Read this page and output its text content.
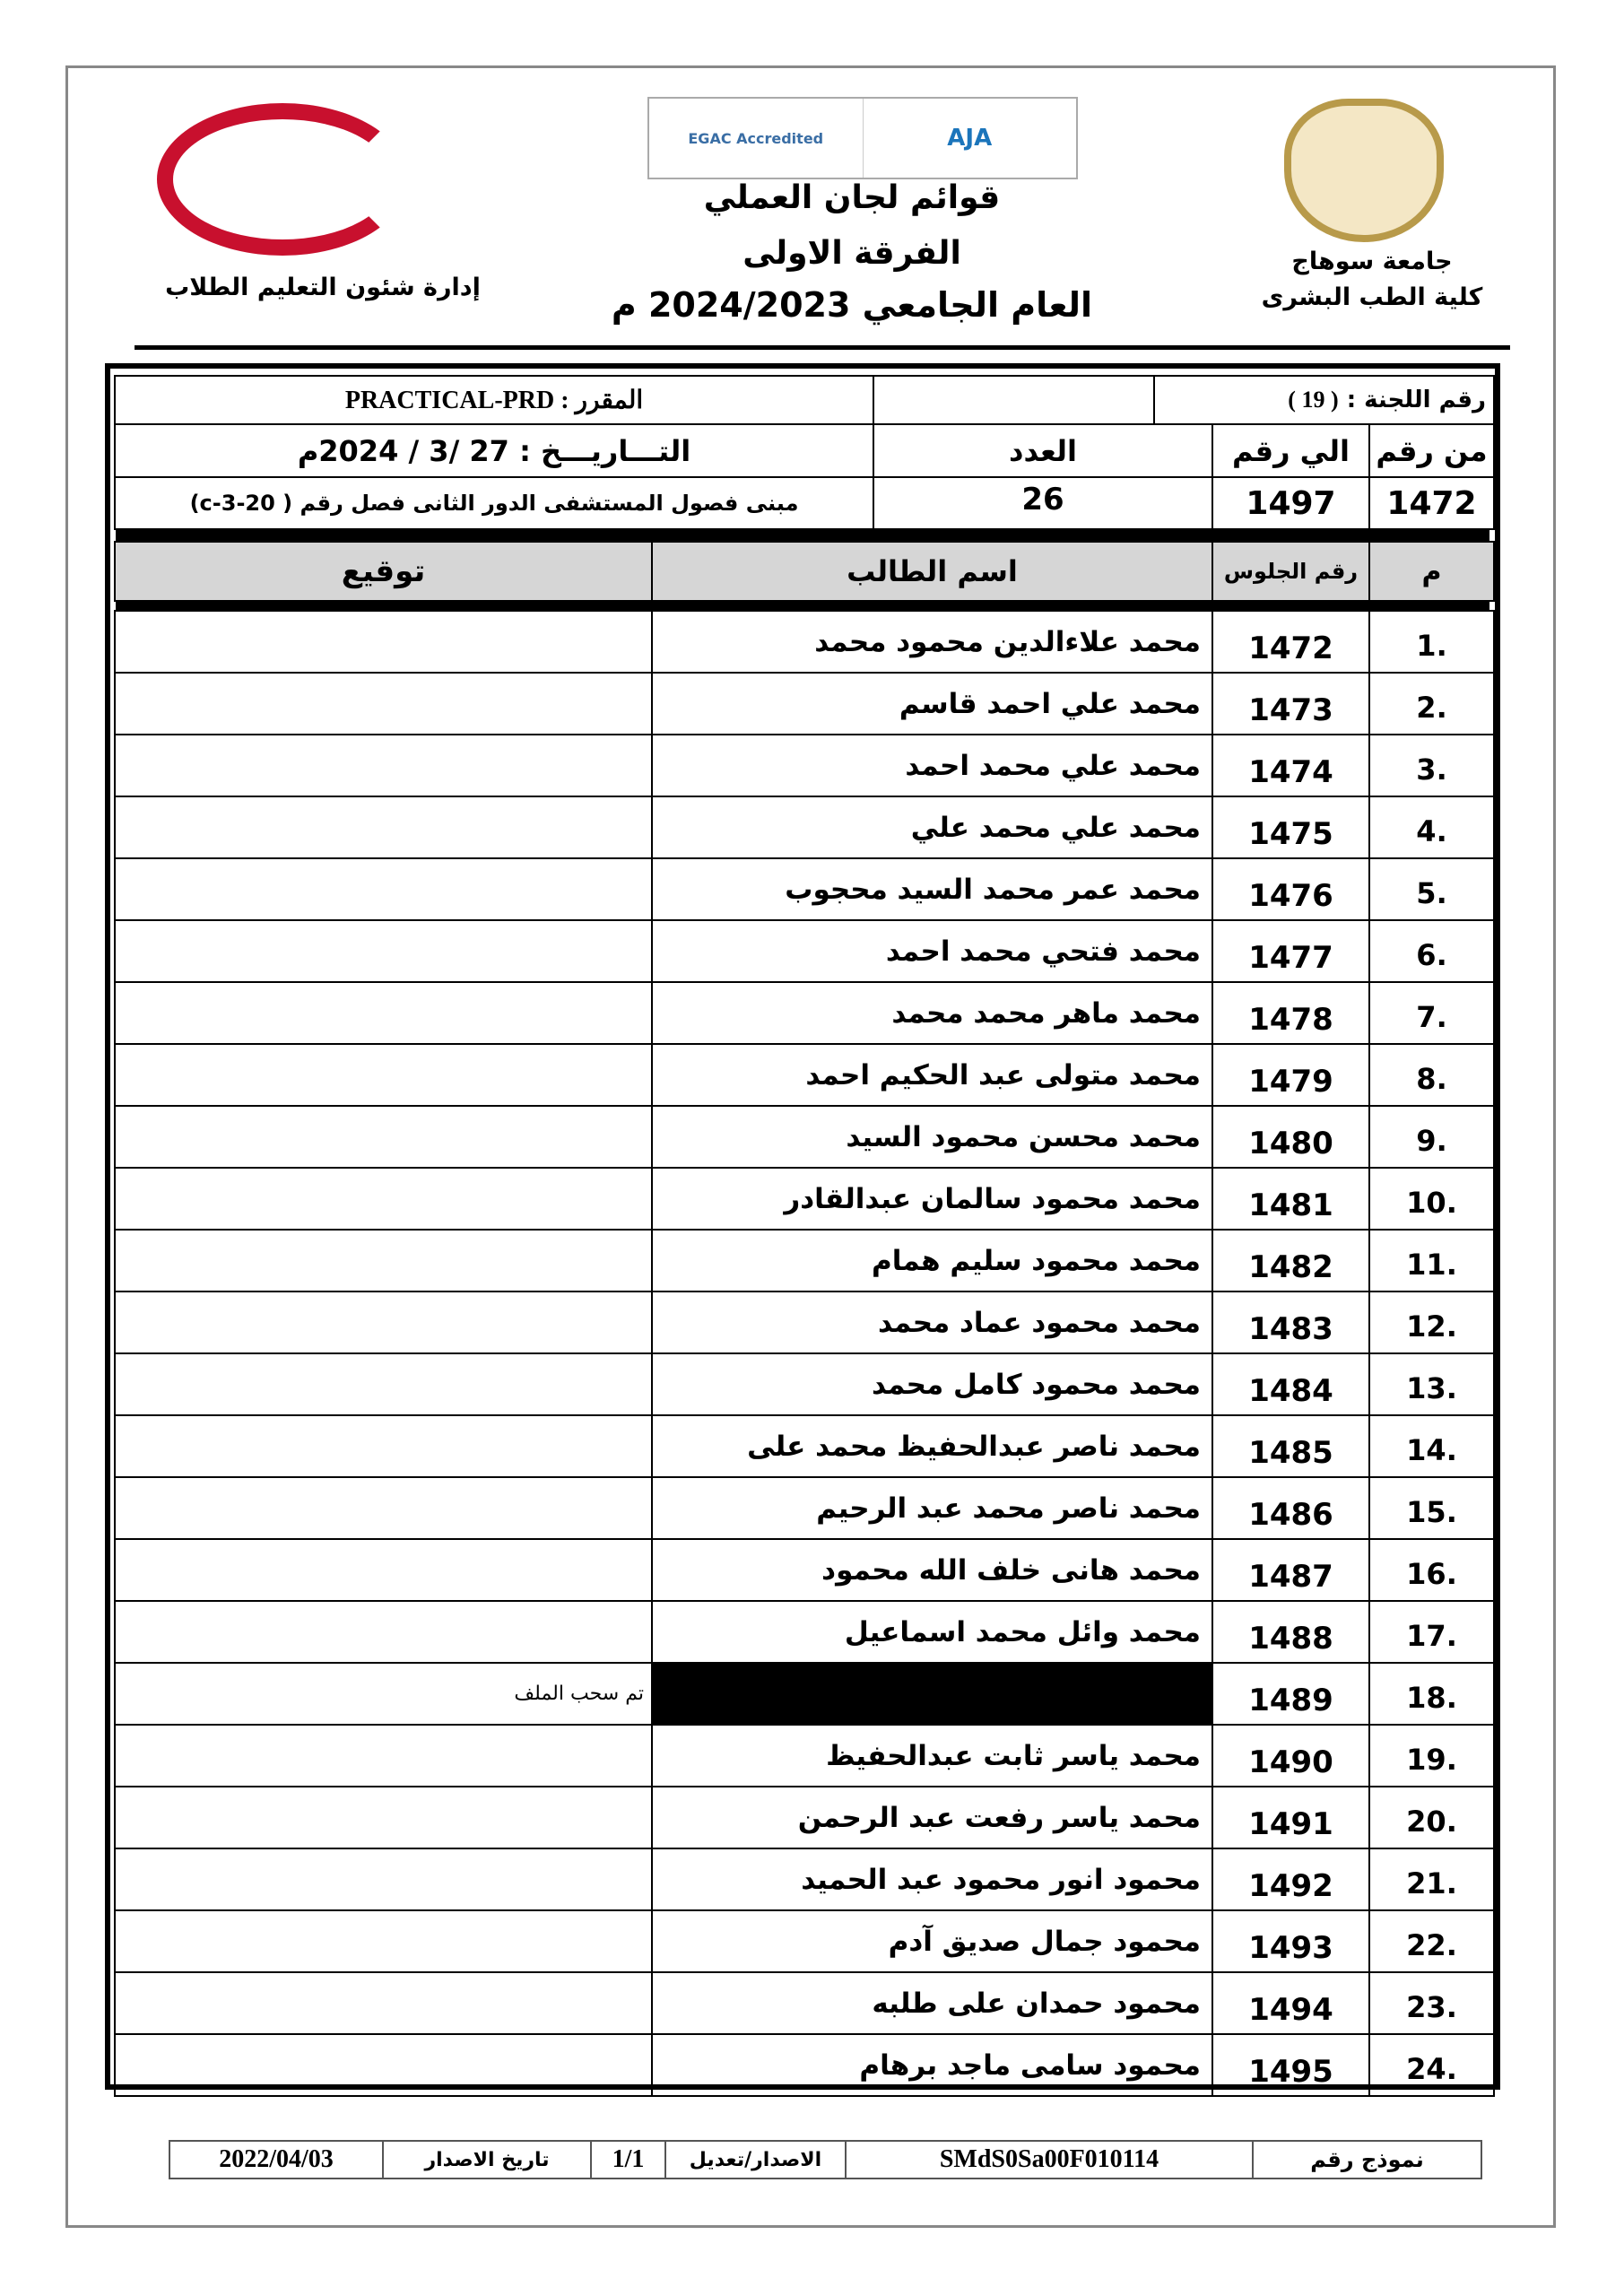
EGAC Accredited	AJA
قوائم لجان العملي
الفرقة الاولى
العام الجامعي 2024/2023 م
جامعة سوهاج
كلية الطب البشرى
إدارة شئون التعليم الطلاب
رقم اللجنة :

( 19 )
المقرر : PRACTICAL-PRD
من رقم
الي رقم
العدد
التـــاريـــخ : 27 /3 / 2024م
1472
1497
26
مبنى فصول المستشفى الدور الثانى فصل رقم ( 20-3-c)
م
رقم الجلوس
اسم الطالب
توقيع
.1
1472
محمد علاءالدين محمود محمد
.2
1473
محمد علي احمد قاسم
.3
1474
محمد علي محمد احمد
.4
1475
محمد علي محمد علي
.5
1476
محمد عمر محمد السيد محجوب
.6
1477
محمد فتحي محمد احمد
.7
1478
محمد ماهر محمد محمد
.8
1479
محمد متولى عبد الحكيم احمد
.9
1480
محمد محسن محمود السيد
.10
1481
محمد محمود سالمان عبدالقادر
.11
1482
محمد محمود سليم همام
.12
1483
محمد محمود عماد محمد
.13
1484
محمد محمود كامل محمد
.14
1485
محمد ناصر عبدالحفيظ محمد على
.15
1486
محمد ناصر محمد عبد الرحيم
.16
1487
محمد هانى خلف الله محمود
.17
1488
محمد وائل محمد اسماعيل
.18
1489
تم سحب الملف
.19
1490
محمد ياسر ثابت عبدالحفيظ
.20
1491
محمد ياسر رفعت عبد الرحمن
.21
1492
محمود انور محمود عبد الحميد
.22
1493
محمود جمال صديق آدم
.23
1494
محمود حمدان على طلبه
.24
1495
محمود سامى ماجد برهام
نموذج رقم
SMdS0Sa00F010114
الاصدار/تعديل
1/1
تاريخ الاصدار
2022/04/03
